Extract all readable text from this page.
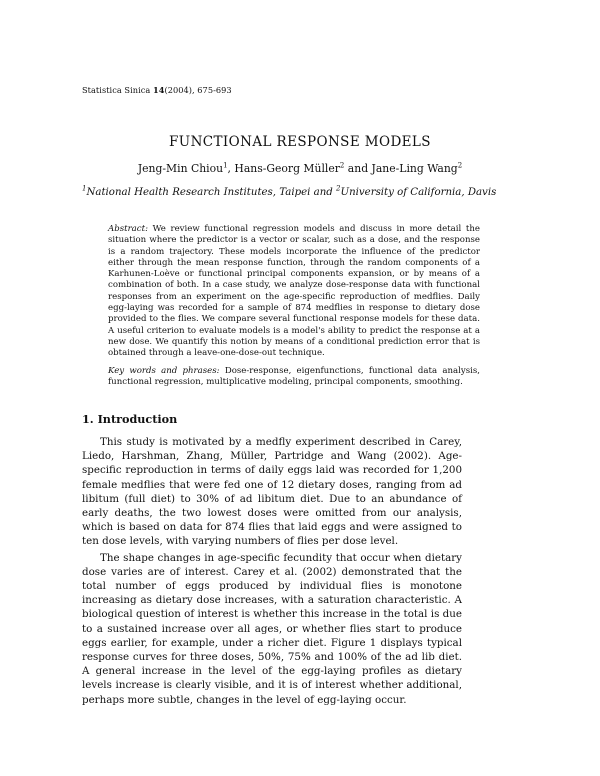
Statistica Sinica 14(2004), 675-693
FUNCTIONAL RESPONSE MODELS
Jeng-Min Chiou$^1$, Hans-Georg Müller$^2$ and Jane-Ling Wang$^2$
$^1$National Health Research Institutes, Taipei and $^2$University of California, Davis
Abstract: We review functional regression models and discuss in more detail the situation where the predictor is a vector or scalar, such as a dose, and the response is a random trajectory. These models incorporate the influence of the predictor either through the mean response function, through the random components of a Karhunen-Loève or functional principal components expansion, or by means of a combination of both. In a case study, we analyze dose-response data with functional responses from an experiment on the age-specific reproduction of medflies. Daily egg-laying was recorded for a sample of 874 medflies in response to dietary dose provided to the flies. We compare several functional response models for these data. A useful criterion to evaluate models is a model's ability to predict the response at a new dose. We quantify this notion by means of a conditional prediction error that is obtained through a leave-one-dose-out technique.
Key words and phrases: Dose-response, eigenfunctions, functional data analysis, functional regression, multiplicative modeling, principal components, smoothing.
1. Introduction

This study is motivated by a medfly experiment described in Carey, Liedo, Harshman, Zhang, Müller, Partridge and Wang (2002). Age-specific reproduction in terms of daily eggs laid was recorded for 1,200 female medflies that were fed one of 12 dietary doses, ranging from ad libitum (full diet) to 30% of ad libitum diet. Due to an abundance of early deaths, the two lowest doses were omitted from our analysis, which is based on data for 874 flies that laid eggs and were assigned to ten dose levels, with varying numbers of flies per dose level.

The shape changes in age-specific fecundity that occur when dietary dose varies are of interest. Carey et al. (2002) demonstrated that the total number of eggs produced by individual flies is monotone increasing as dietary dose increases, with a saturation characteristic. A biological question of interest is whether this increase in the total is due to a sustained increase over all ages, or whether flies start to produce eggs earlier, for example, under a richer diet. Figure 1 displays typical response curves for three doses, 50%, 75% and 100% of the ad lib diet. A general increase in the level of the egg-laying profiles as dietary levels increase is clearly visible, and it is of interest whether additional, perhaps more subtle, changes in the level of egg-laying occur.
